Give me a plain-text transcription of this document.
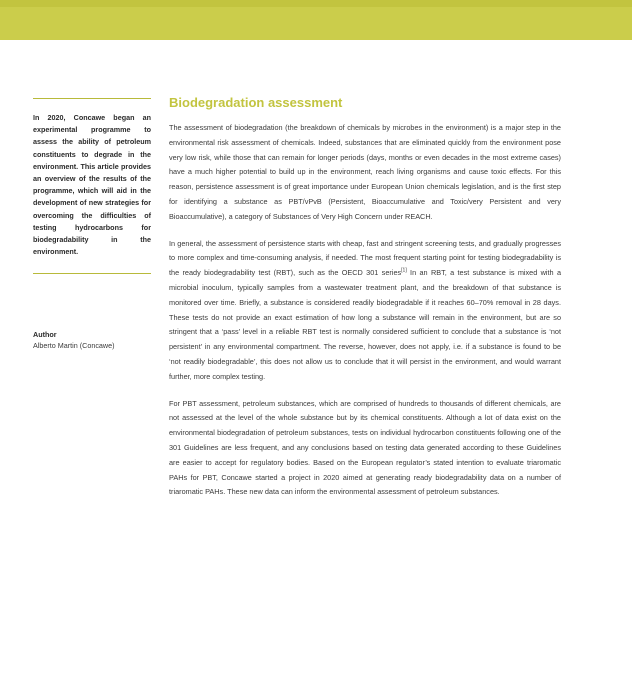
In 2020, Concawe began an experimental programme to assess the ability of petroleum constituents to degrade in the environment. This article provides an overview of the results of the programme, which will aid in the development of new strategies for overcoming the difficulties of testing hydrocarbons for biodegradability in the environment.
Author
Alberto Martin (Concawe)
Biodegradation assessment

The assessment of biodegradation (the breakdown of chemicals by microbes in the environment) is a major step in the environmental risk assessment of chemicals. Indeed, substances that are eliminated quickly from the environment pose very low risk, while those that can remain for longer periods (days, months or even decades in the most extreme cases) have a much higher potential to build up in the environment, reach living organisms and cause toxic effects. For this reason, persistence assessment is of great importance under European Union chemicals legislation, and is the first step for identifying a substance as PBT/vPvB (Persistent, Bioaccumulative and Toxic/very Persistent and very Bioaccumulative), a category of Substances of Very High Concern under REACH.

In general, the assessment of persistence starts with cheap, fast and stringent screening tests, and gradually progresses to more complex and time-consuming analysis, if needed. The most frequent starting point for testing biodegradability is the ready biodegradability test (RBT), such as the OECD 301 series[1] In an RBT, a test substance is mixed with a microbial inoculum, typically samples from a wastewater treatment plant, and the breakdown of that substance is monitored over time. Briefly, a substance is considered readily biodegradable if it reaches 60–70% removal in 28 days. These tests do not provide an exact estimation of how long a substance will remain in the environment, but are so stringent that a ‘pass’ level in a reliable RBT test is normally considered sufficient to conclude that a substance is ‘not persistent’ in any environmental compartment. The reverse, however, does not apply, i.e. if a substance is found to be ‘not readily biodegradable’, this does not allow us to conclude that it will persist in the environment, and would warrant further, more complex testing.

For PBT assessment, petroleum substances, which are comprised of hundreds to thousands of different chemicals, are not assessed at the level of the whole substance but by its chemical constituents. Although a lot of data exist on the environmental biodegradation of petroleum substances, tests on individual hydrocarbon constituents following one of the 301 Guidelines are less frequent, and any conclusions based on testing data generated according to these Guidelines are easier to accept for regulatory bodies. Based on the European regulator’s stated intention to evaluate triaromatic PAHs for PBT, Concawe started a project in 2020 aimed at generating ready biodegradability data on a number of triaromatic PAHs. These new data can inform the environmental assessment of petroleum substances.
